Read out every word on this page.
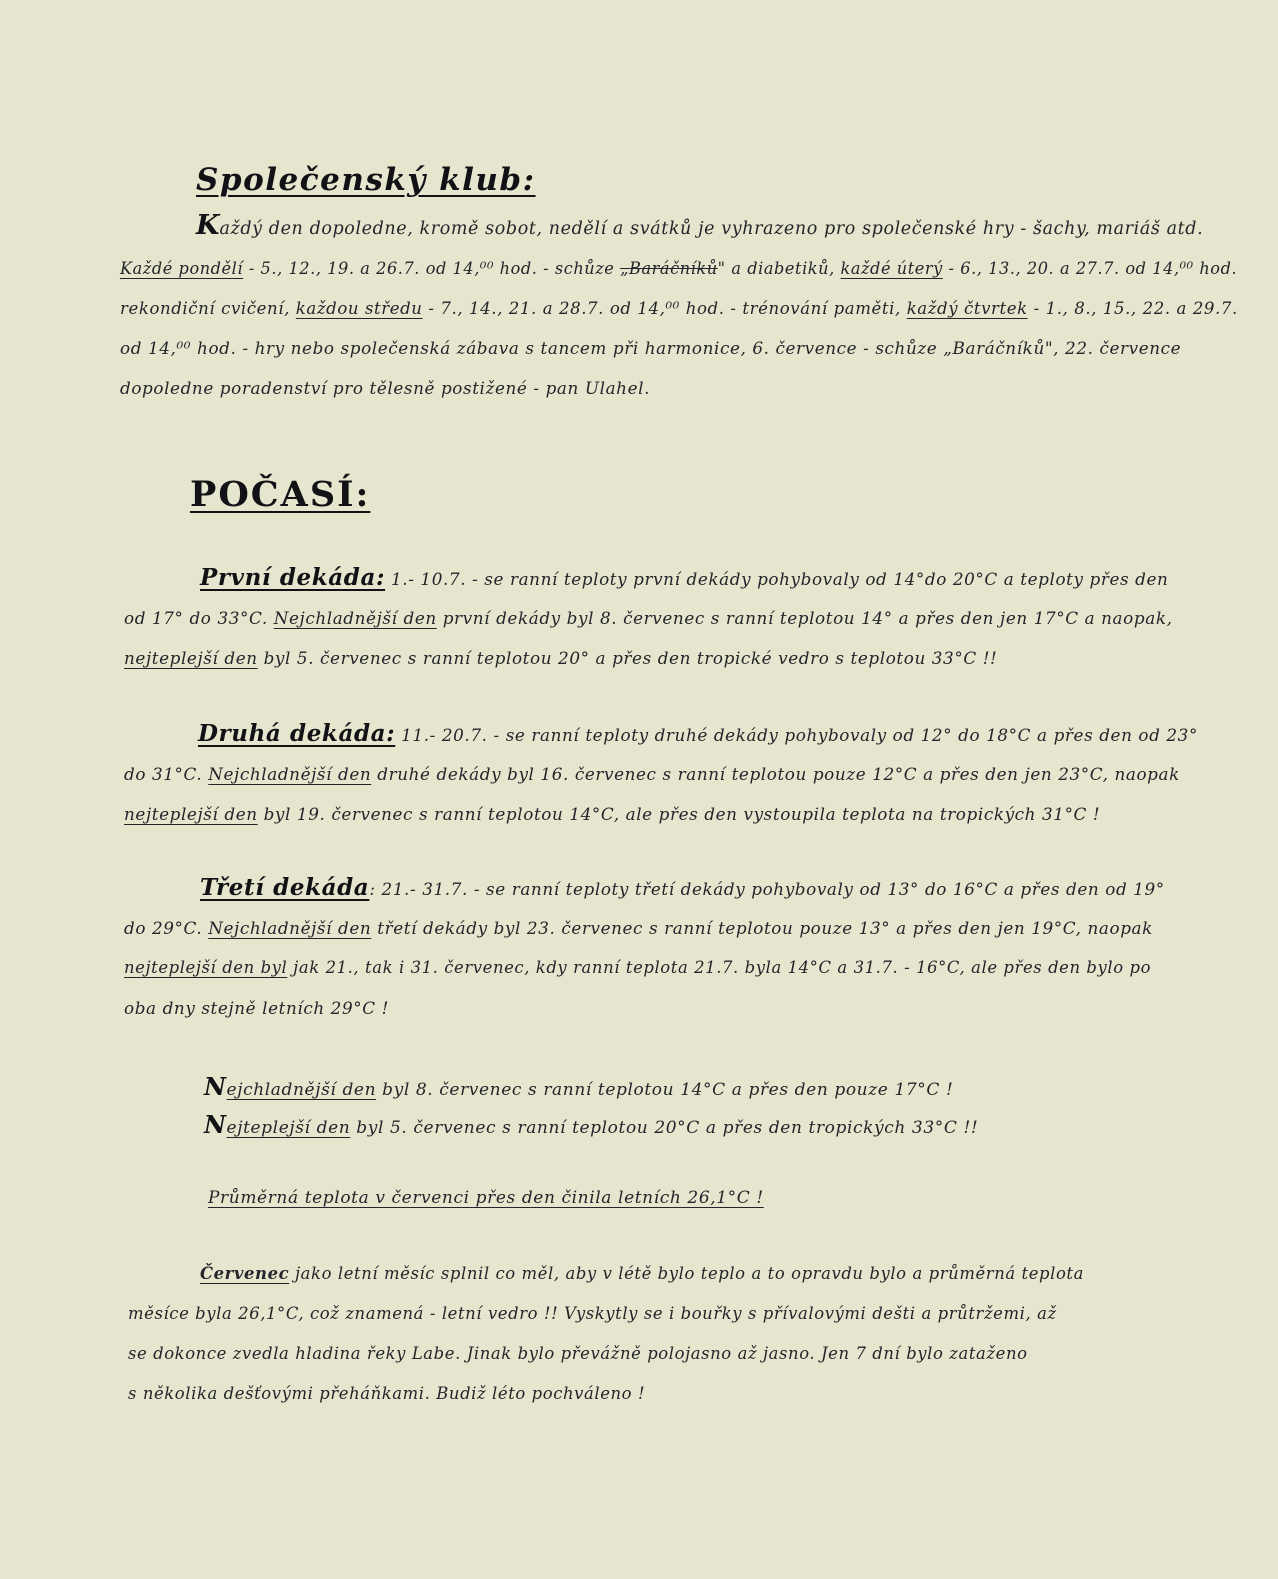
Společenský klub:
Každý den dopoledne, kromě sobot, nedělí a svátků je vyhrazeno pro společenské hry - šachy, mariáš atd.
Každé pondělí - 5., 12., 19. a 26.7. od 14,⁰⁰ hod. - schůze „Baráčníků" a diabetiků, každé úterý - 6., 13., 20. a 27.7. od 14,⁰⁰ hod.
rekondiční cvičení, každou středu - 7., 14., 21. a 28.7. od 14,⁰⁰ hod. - trénování paměti, každý čtvrtek - 1., 8., 15., 22. a 29.7.
od 14,⁰⁰ hod. - hry nebo společenská zábava s tancem při harmonice, 6. července - schůze „Baráčníků", 22. července
dopoledne poradenství pro tělesně postižené - pan Ulahel.
POČASÍ:
První dekáda: 1.- 10.7. - se ranní teploty první dekády pohybovaly od 14°do 20°C a teploty přes den
od 17° do 33°C. Nejchladnější den první dekády byl 8. červenec s ranní teplotou 14° a přes den jen 17°C a naopak,
nejteplejší den byl 5. červenec s ranní teplotou 20° a přes den tropické vedro s teplotou 33°C !!
Druhá dekáda: 11.- 20.7. - se ranní teploty druhé dekády pohybovaly od 12° do 18°C a přes den od 23°
do 31°C. Nejchladnější den druhé dekády byl 16. červenec s ranní teplotou pouze 12°C a přes den jen 23°C, naopak
nejteplejší den byl 19. červenec s ranní teplotou 14°C, ale přes den vystoupila teplota na tropických 31°C !
Třetí dekáda: 21.- 31.7. - se ranní teploty třetí dekády pohybovaly od 13° do 16°C a přes den od 19°
do 29°C. Nejchladnější den třetí dekády byl 23. červenec s ranní teplotou pouze 13° a přes den jen 19°C, naopak
nejteplejší den byl jak 21., tak i 31. červenec, kdy ranní teplota 21.7. byla 14°C a 31.7. - 16°C, ale přes den bylo po
oba dny stejně letních 29°C !
Nejchladnější den byl 8. červenec s ranní teplotou 14°C a přes den pouze 17°C !
Nejteplejší den byl 5. červenec s ranní teplotou 20°C a přes den tropických 33°C !!
Průměrná teplota v červenci přes den činila letních 26,1°C !
Červenec jako letní měsíc splnil co měl, aby v létě bylo teplo a to opravdu bylo a průměrná teplota
měsíce byla 26,1°C, což znamená - letní vedro !! Vyskytly se i bouřky s přívalovými dešti a průtržemi, až
se dokonce zvedla hladina řeky Labe. Jinak bylo převážně polojasno až jasno. Jen 7 dní bylo zataženo
s několika dešťovými přeháňkami. Budiž léto pochváleno !
